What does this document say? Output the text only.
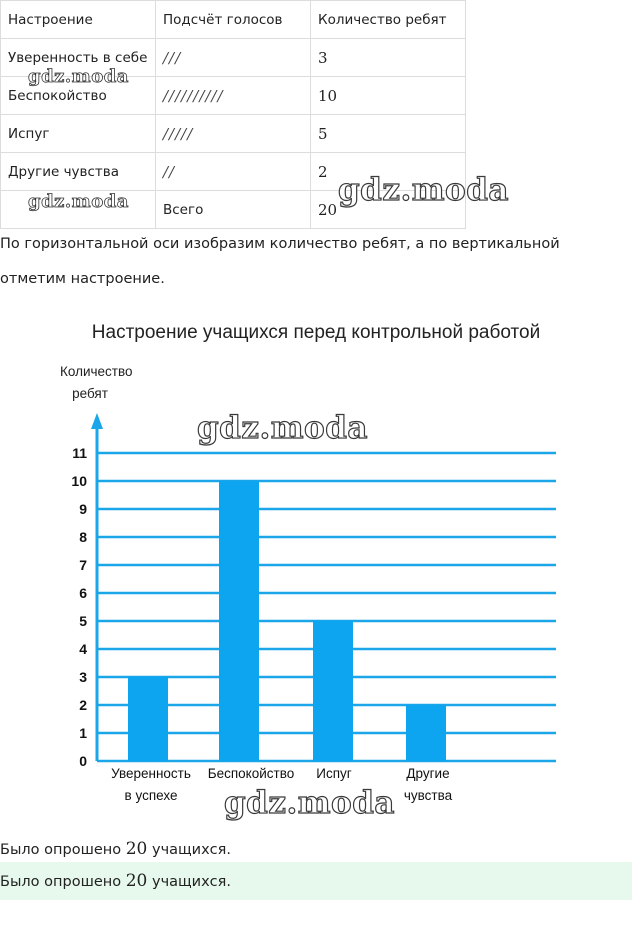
Настроение	Подсчёт голосов	Количество ребят
Уверенность в себе	///	3
Беспокойство	//////////	10
Испуг	/////	5
Другие чувства	//	2
	Всего	20
По горизонтальной оси изобразим количество ребят, а по вертикальной
отметим настроение.
Настроение учащихся перед контрольной работой
Количество
ребят
0
1
2
3
4
5
6
7
8
9
10
11
Уверенность
в успехе
Беспокойство Испуг	Другие
чувства
Было опрошено 20 учащихся.
Было опрошено 20 учащихся.
gdz.moda
gdz.moda	gdz.moda
gdz.moda
gdz.moda
